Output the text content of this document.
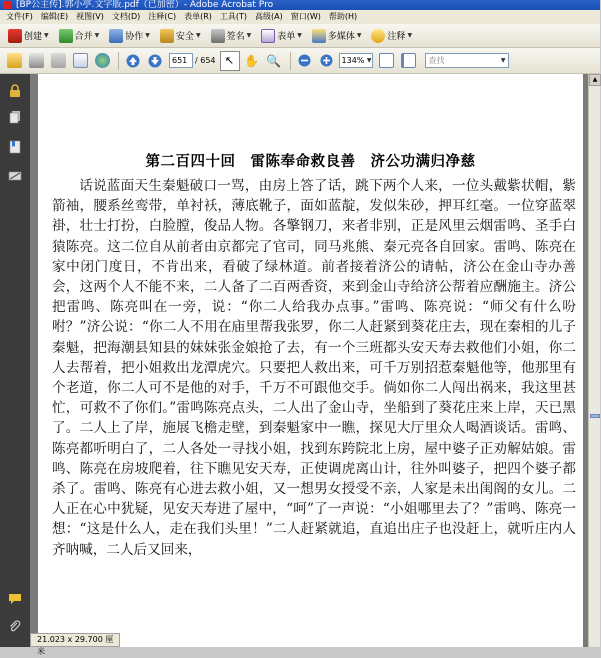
[BP公主传].郭小亭.文字版.pdf（已加密）- Adobe Acrobat Pro
文件(F)	编辑(E)	视图(V)	文档(D)	注释(C)	表单(R)	工具(T)	高级(A)	窗口(W)	帮助(H)
创建 ▼	合并 ▼	协作 ▼	安全 ▼	签名 ▼	表单 ▼	多媒体 ▼	注释 ▼
651 / 654 ↖ ✋ 🔍	134% ▼	查找	▼
第二百四十回　雷陈奉命救良善　济公功满归净慈
话说蓝面天生秦魁破口一骂，由房上答了话，跳下两个人来，一位头戴紫状帽，紫箭袖，腰系丝鸾带，单衬袄，薄底靴子，面如蓝靛，发似朱砂，押耳红毫。一位穿蓝翠褂，壮士打扮，白脸膛，俊品人物。各擎钢刀，来者非别，正是风里云烟雷鸣、圣手白猿陈亮。这二位自从前者由京都完了官司，同马兆熊、秦元亮各自回家。雷鸣、陈亮在家中闭门度日，不肯出来，看破了绿林道。前者接着济公的请帖，济公在金山寺办善会，这两个人不能不来，二人备了二百两香资，来到金山寺给济公帮着应酬施主。济公把雷鸣、陈亮叫在一旁，说：“你二人给我办点事。”雷鸣、陈亮说：“师父有什么吩咐？”济公说：“你二人不用在庙里帮我张罗，你二人赶紧到葵花庄去，现在秦相的儿子秦魁，把海潮县知县的妹妹张金娘抢了去，有一个三班都头安天寿去救他们小姐，你二人去帮着，把小姐救出龙潭虎穴。只要把人救出来，可千万别招惹秦魁他等，他那里有个老道，你二人可不是他的对手，千万不可跟他交手。倘如你二人闯出祸来，我这里甚忙，可救不了你们。”雷鸣陈亮点头，二人出了金山寺，坐船到了葵花庄来上岸，天已黑了。二人上了岸，施展飞檐走壁，到秦魁家中一瞧，探见大厅里众人喝酒谈话。雷鸣、陈亮都听明白了，二人各处一寻找小姐，找到东跨院北上房，屋中婆子正劝解姑娘。雷鸣、陈亮在房坡爬着，往下瞧见安天寿，正使调虎离山计，往外叫婆子，把四个婆子都杀了。雷鸣、陈亮有心进去救小姐，又一想男女授受不亲，人家是未出闺阁的女儿。二人正在心中犹疑，见安天寿进了屋中，“呵”了一声说：“小姐哪里去了？”雷鸣、陈亮一想：“这是什么人，走在我们头里！”二人赶紧就追，直追出庄子也没赶上，就听庄内人齐呐喊，二人后又回来，
▲
21.023 x 29.700 厘米
